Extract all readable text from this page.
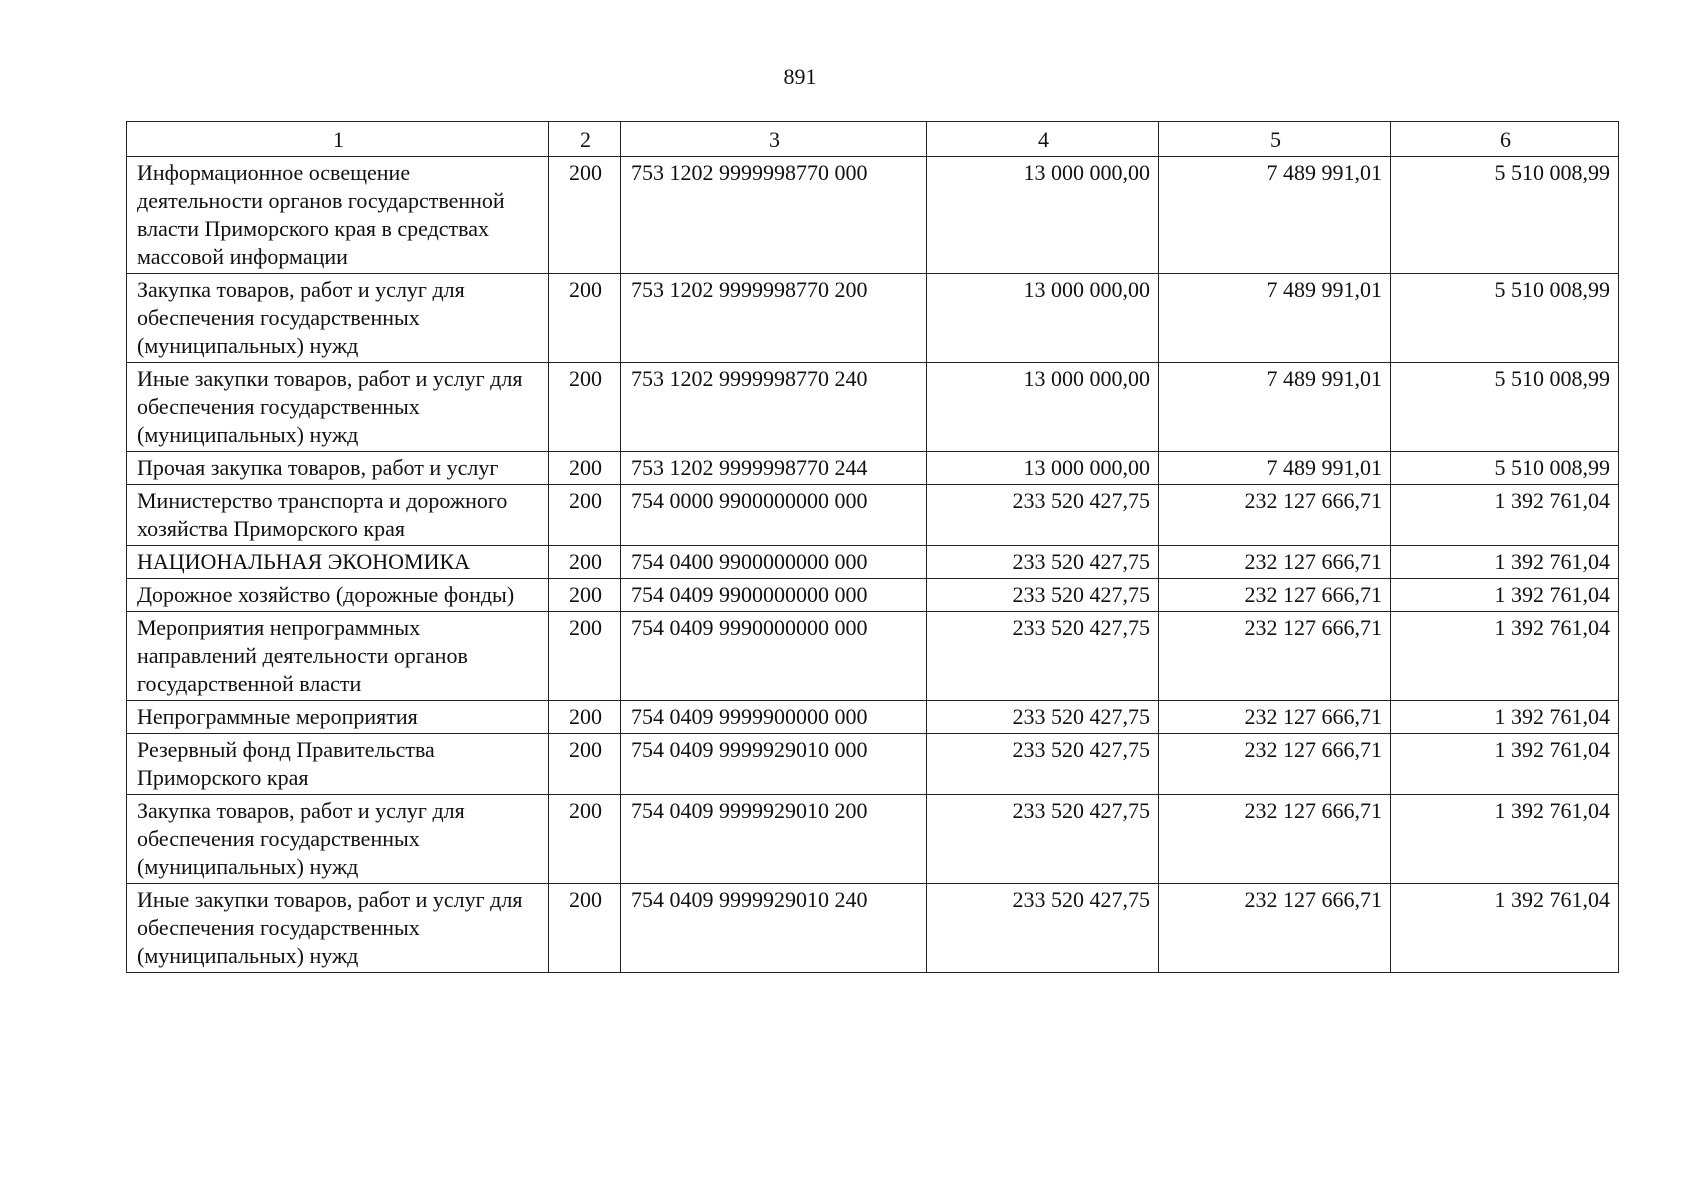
891
1	2	3	4	5	6
Информационное освещение деятельности органов государственной власти Приморского края в средствах массовой информации	200	753 1202 9999998770 000	13 000 000,00	7 489 991,01	5 510 008,99
Закупка товаров, работ и услуг для обеспечения государственных (муниципальных) нужд	200	753 1202 9999998770 200	13 000 000,00	7 489 991,01	5 510 008,99
Иные закупки товаров, работ и услуг для обеспечения государственных (муниципальных) нужд	200	753 1202 9999998770 240	13 000 000,00	7 489 991,01	5 510 008,99
Прочая закупка товаров, работ и услуг	200	753 1202 9999998770 244	13 000 000,00	7 489 991,01	5 510 008,99
Министерство транспорта и дорожного хозяйства Приморского края	200	754 0000 9900000000 000	233 520 427,75	232 127 666,71	1 392 761,04
НАЦИОНАЛЬНАЯ ЭКОНОМИКА	200	754 0400 9900000000 000	233 520 427,75	232 127 666,71	1 392 761,04
Дорожное хозяйство (дорожные фонды)	200	754 0409 9900000000 000	233 520 427,75	232 127 666,71	1 392 761,04
Мероприятия непрограммных направлений деятельности органов государственной власти	200	754 0409 9990000000 000	233 520 427,75	232 127 666,71	1 392 761,04
Непрограммные мероприятия	200	754 0409 9999900000 000	233 520 427,75	232 127 666,71	1 392 761,04
Резервный фонд Правительства Приморского края	200	754 0409 9999929010 000	233 520 427,75	232 127 666,71	1 392 761,04
Закупка товаров, работ и услуг для обеспечения государственных (муниципальных) нужд	200	754 0409 9999929010 200	233 520 427,75	232 127 666,71	1 392 761,04
Иные закупки товаров, работ и услуг для обеспечения государственных (муниципальных) нужд	200	754 0409 9999929010 240	233 520 427,75	232 127 666,71	1 392 761,04
